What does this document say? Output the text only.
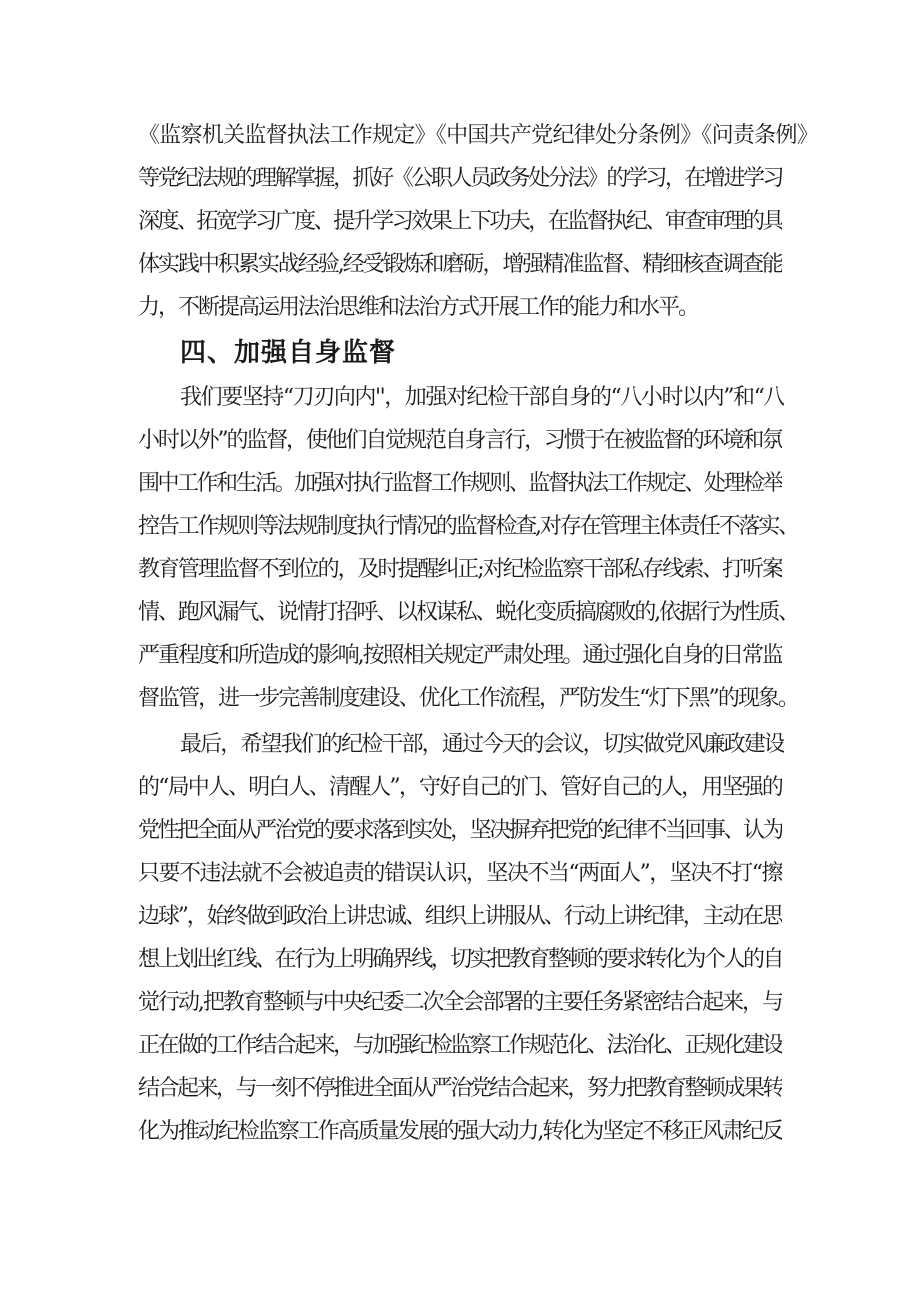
《监察机关监督执法工作规定》《中国共产党纪律处分条例》《问责条例》
等党纪法规的理解掌握，抓好《公职人员政务处分法》的学习，在增进学习
深度、拓宽学习广度、提升学习效果上下功夫，在监督执纪、审查审理的具
体实践中积累实战经验,经受锻炼和磨砺，增强精准监督、精细核查调查能
力，不断提高运用法治思维和法治方式开展工作的能力和水平。
四、加强自身监督
我们要坚持“刀刃向内''，加强对纪检干部自身的“八小时以内”和“八
小时以外”的监督，使他们自觉规范自身言行，习惯于在被监督的环境和氛
围中工作和生活。加强对执行监督工作规则、监督执法工作规定、处理检举
控告工作规则等法规制度执行情况的监督检查,对存在管理主体责任不落实、
教育管理监督不到位的，及时提醒纠正;对纪检监察干部私存线索、打听案
情、跑风漏气、说情打招呼、以权谋私、蜕化变质搞腐败的,依据行为性质、
严重程度和所造成的影响,按照相关规定严肃处理。通过强化自身的日常监
督监管，进一步完善制度建设、优化工作流程，严防发生“灯下黑”的现象。
最后，希望我们的纪检干部，通过今天的会议，切实做党风廉政建设
的“局中人、明白人、清醒人”，守好自己的门、管好自己的人，用坚强的
党性把全面从严治党的要求落到实处，坚决摒弃把党的纪律不当回事、认为
只要不违法就不会被追责的错误认识，坚决不当“两面人”，坚决不打“擦
边球”，始终做到政治上讲忠诚、组织上讲服从、行动上讲纪律，主动在思
想上划出红线、在行为上明确界线，切实把教育整顿的要求转化为个人的自
觉行动,把教育整顿与中央纪委二次全会部署的主要任务紧密结合起来，与
正在做的工作结合起来，与加强纪检监察工作规范化、法治化、正规化建设
结合起来，与一刻不停推进全面从严治党结合起来，努力把教育整顿成果转
化为推动纪检监察工作高质量发展的强大动力,转化为坚定不移正风肃纪反
